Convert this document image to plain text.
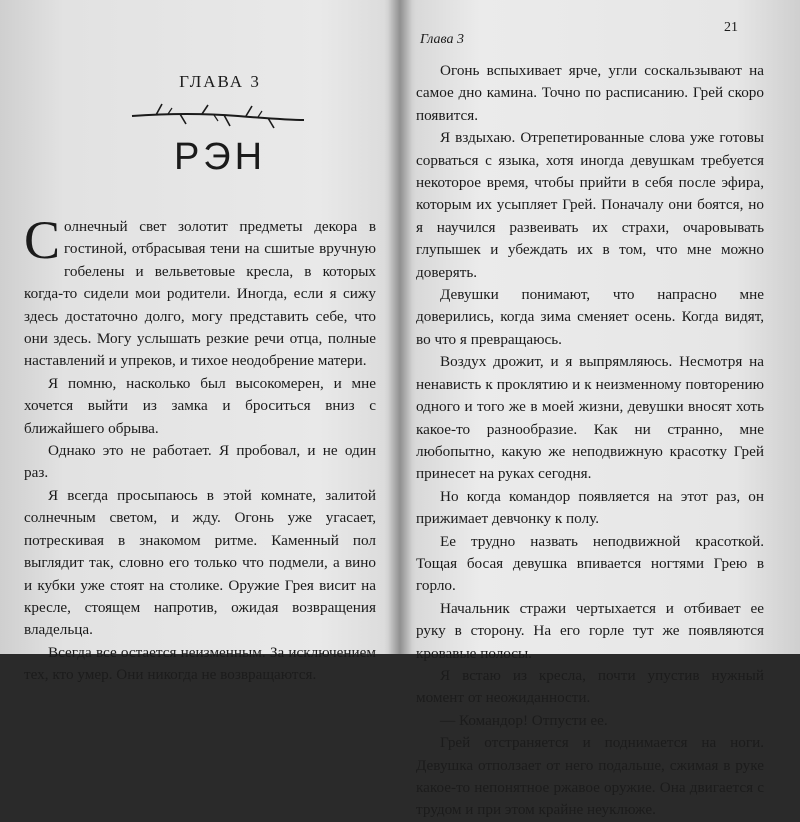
ГЛАВА 3
РЭН

Солнечный свет золотит предметы декора в гостиной, отбрасывая тени на сшитые вручную гобелены и вельветовые кресла, в которых когда-то сидели мои родители. Иногда, если я сижу здесь достаточно долго, могу представить себе, что они здесь. Могу услышать резкие речи отца, полные наставлений и упреков, и тихое неодобрение матери.

Я помню, насколько был высокомерен, и мне хочется выйти из замка и броситься вниз с ближайшего обрыва.

Однако это не работает. Я пробовал, и не один раз.

Я всегда просыпаюсь в этой комнате, залитой солнечным светом, и жду. Огонь уже угасает, потрескивая в знакомом ритме. Каменный пол выглядит так, словно его только что подмели, а вино и кубки уже стоят на столике. Оружие Грея висит на кресле, стоящем напротив, ожидая возвращения владельца.

Всегда все остается неизменным. За исключением тех, кто умер. Они никогда не возвращаются.

Глава 3
21

Огонь вспыхивает ярче, угли соскальзывают на самое дно камина. Точно по расписанию. Грей скоро появится.

Я вздыхаю. Отрепетированные слова уже готовы сорваться с языка, хотя иногда девушкам требуется некоторое время, чтобы прийти в себя после эфира, которым их усыпляет Грей. Поначалу они боятся, но я научился развеивать их страхи, очаровывать глупышек и убеждать их в том, что мне можно доверять.

Девушки понимают, что напрасно мне доверились, когда зима сменяет осень. Когда видят, во что я превращаюсь.

Воздух дрожит, и я выпрямляюсь. Несмотря на ненависть к проклятию и к неизменному повторению одного и того же в моей жизни, девушки вносят хоть какое-то разнообразие. Как ни странно, мне любопытно, какую же неподвижную красотку Грей принесет на руках сегодня.

Но когда командор появляется на этот раз, он прижимает девчонку к полу.

Ее трудно назвать неподвижной красоткой. Тощая босая девушка впивается ногтями Грею в горло.

Начальник стражи чертыхается и отбивает ее руку в сторону. На его горле тут же появляются кровавые полосы.

Я встаю из кресла, почти упустив нужный момент от неожиданности.

— Командор! Отпусти ее.

Грей отстраняется и поднимается на ноги. Девушка отползает от него подальше, сжимая в руке какое-то непонятное ржавое оружие. Она двигается с трудом и при этом крайне неуклюже.
